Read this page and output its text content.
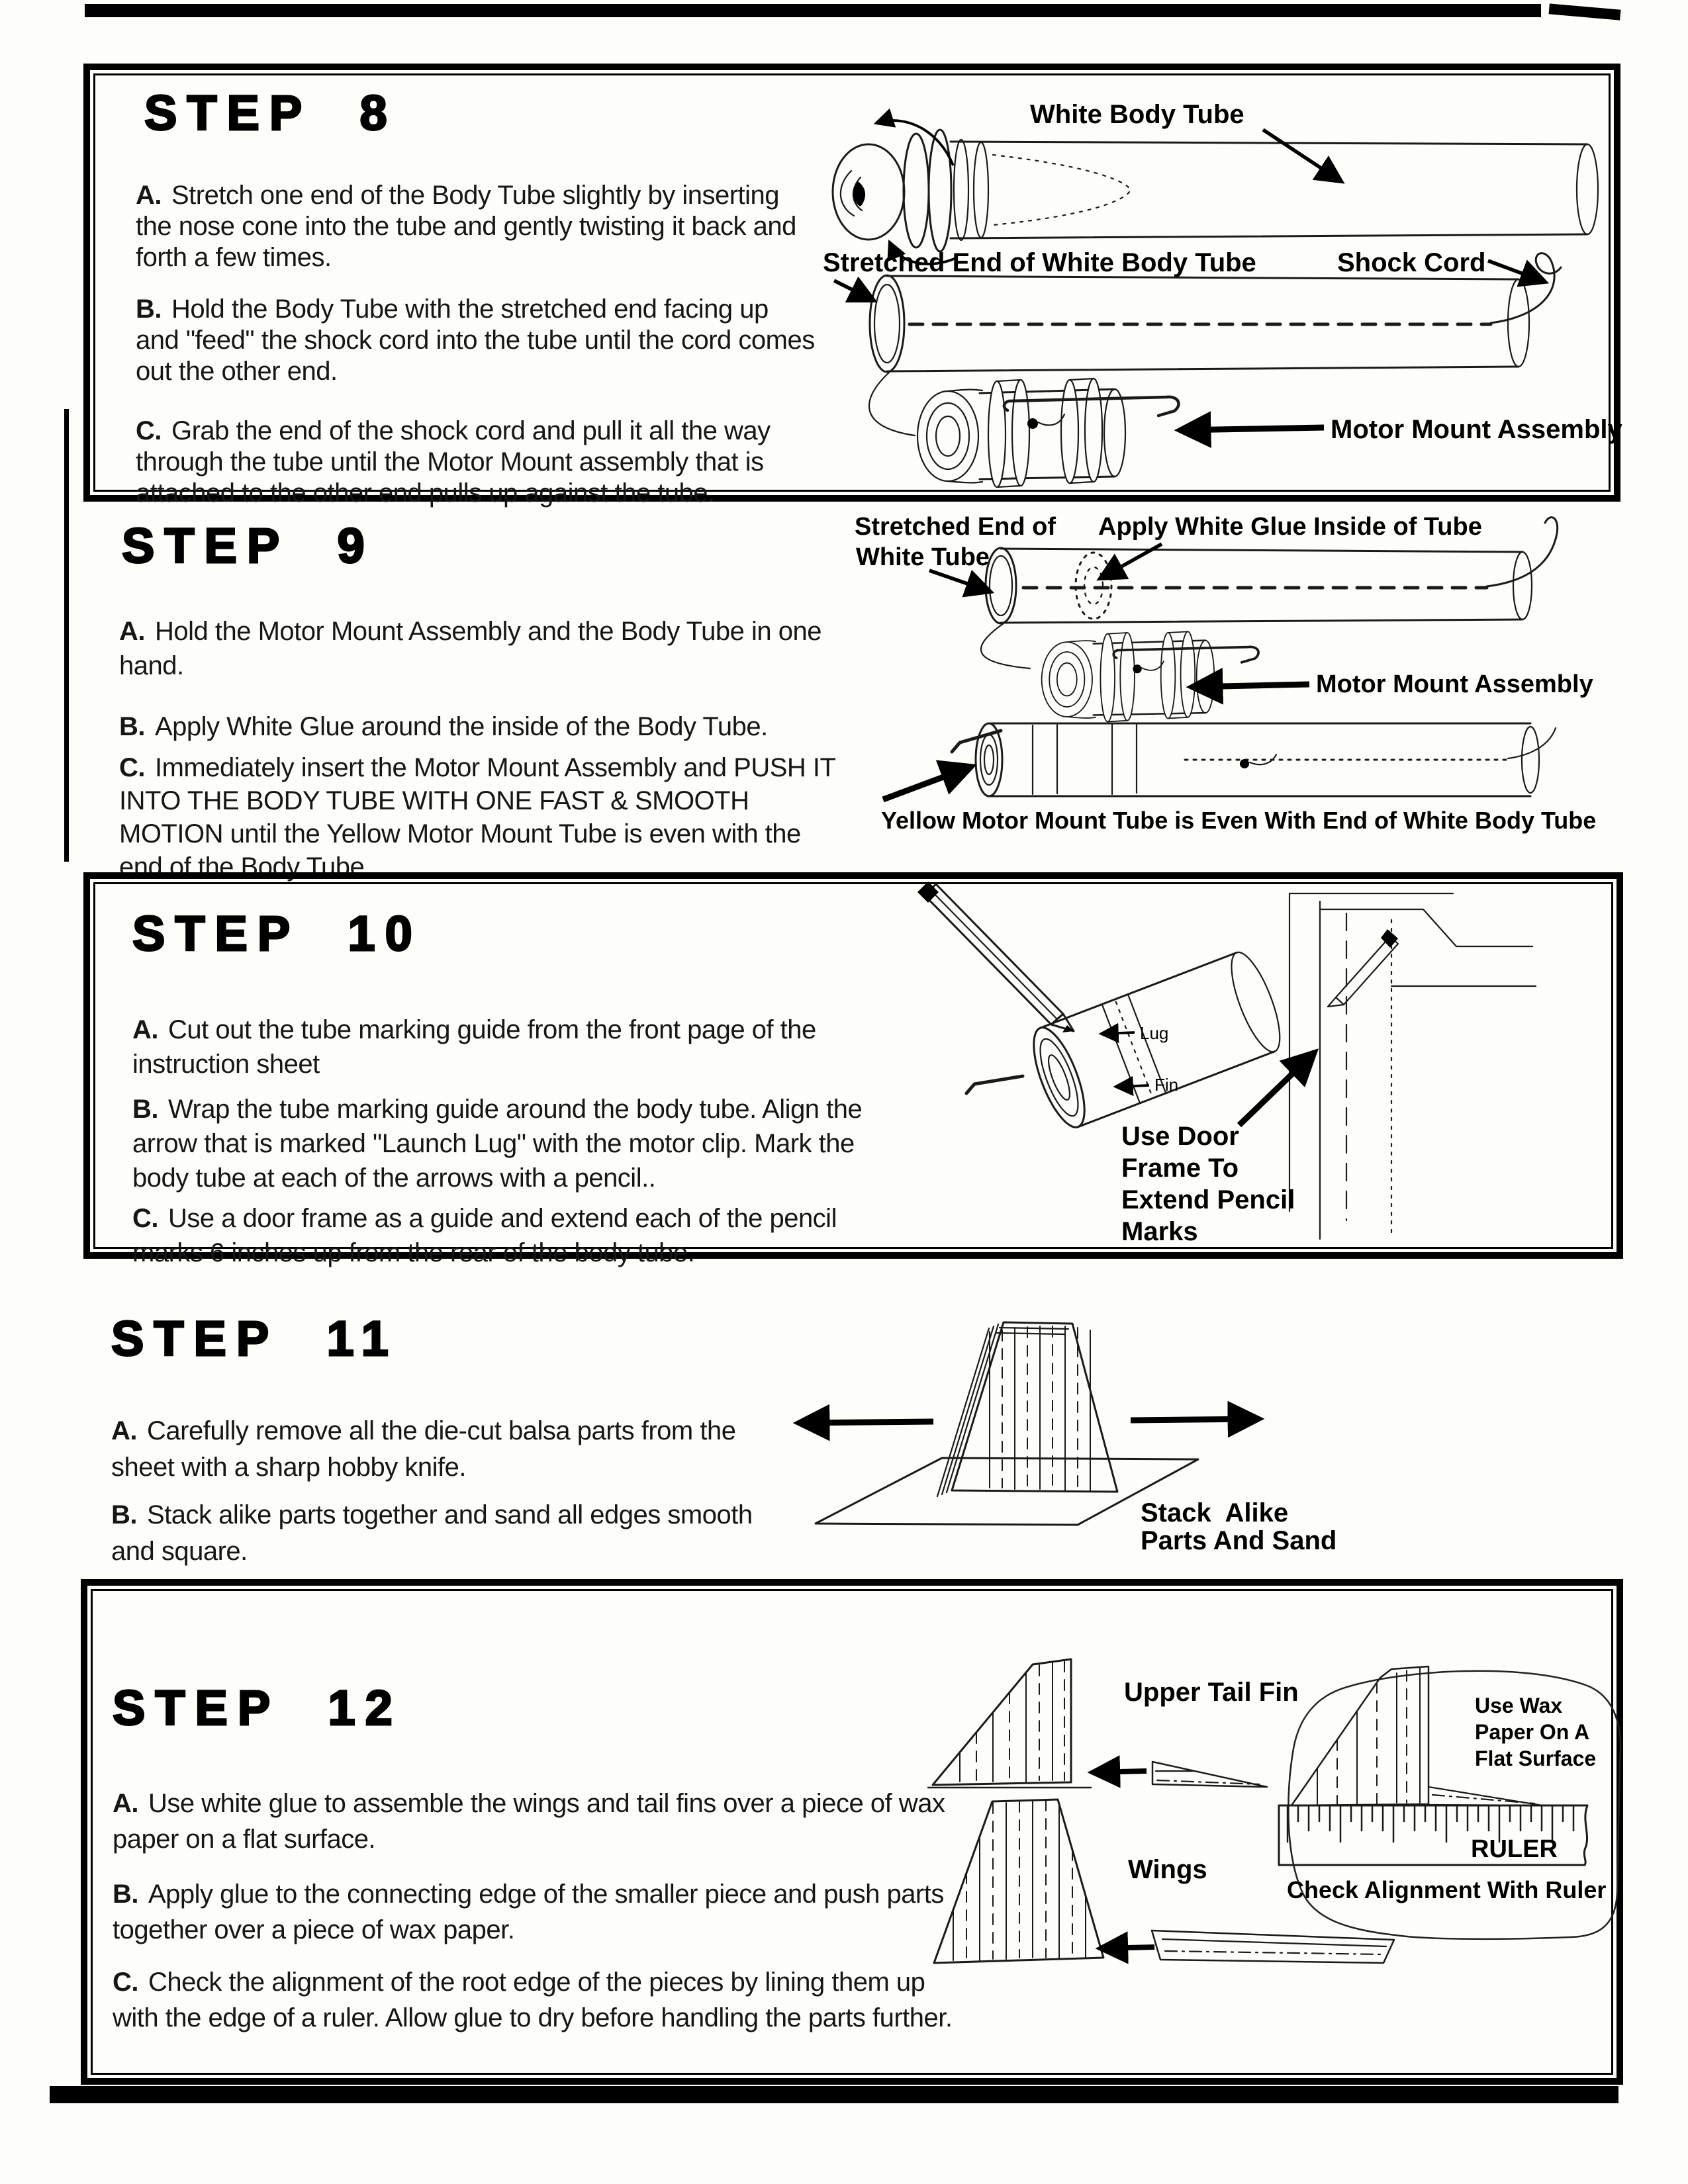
STEP 8

A. Stretch one end of the Body Tube slightly by inserting the nose cone into the tube and gently twisting it back and forth a few times.

B. Hold the Body Tube with the stretched end facing up and "feed" the shock cord into the tube until the cord comes out the other end.

C. Grab the end of the shock cord and pull it all the way through the tube until the Motor Mount assembly that is attached to the other end pulls up against the tube.

White Body Tube
Stretched End of White Body Tube	Shock Cord
Motor Mount Assembly
STEP 9

A. Hold the Motor Mount Assembly and the Body Tube in one hand.

B. Apply White Glue around the inside of the Body Tube.

C. Immediately insert the Motor Mount Assembly and PUSH IT INTO THE BODY TUBE WITH ONE FAST & SMOOTH MOTION until the Yellow Motor Mount Tube is even with the end of the Body Tube

Stretched End of
White Tube
Apply White Glue Inside of Tube
Motor Mount Assembly
Yellow Motor Mount Tube is Even With End of White Body Tube
STEP 10

A. Cut out the tube marking guide from the front page of the instruction sheet

B. Wrap the tube marking guide around the body tube. Align the arrow that is marked "Launch Lug" with the motor clip. Mark the body tube at each of the arrows with a pencil..

C. Use a door frame as a guide and extend each of the pencil marks 6 inches up from the rear of the body tube.

Lug
Fin
Use Door
Frame To
Extend Pencil
Marks
STEP 11

A. Carefully remove all the die-cut balsa parts from the sheet with a sharp hobby knife.

B. Stack alike parts together and sand all edges smooth and square.

Stack  Alike
Parts And Sand
STEP 12

A. Use white glue to assemble the wings and tail fins over a piece of wax paper on a flat surface.

B. Apply glue to the connecting edge of the smaller piece and push parts together over a piece of wax paper.

C. Check the alignment of the root edge of the pieces by lining them up with the edge of a ruler. Allow glue to dry before handling the parts further.

RULER
Use Wax
Paper On A
Flat Surface
Check Alignment With Ruler
Upper Tail Fin
Wings
